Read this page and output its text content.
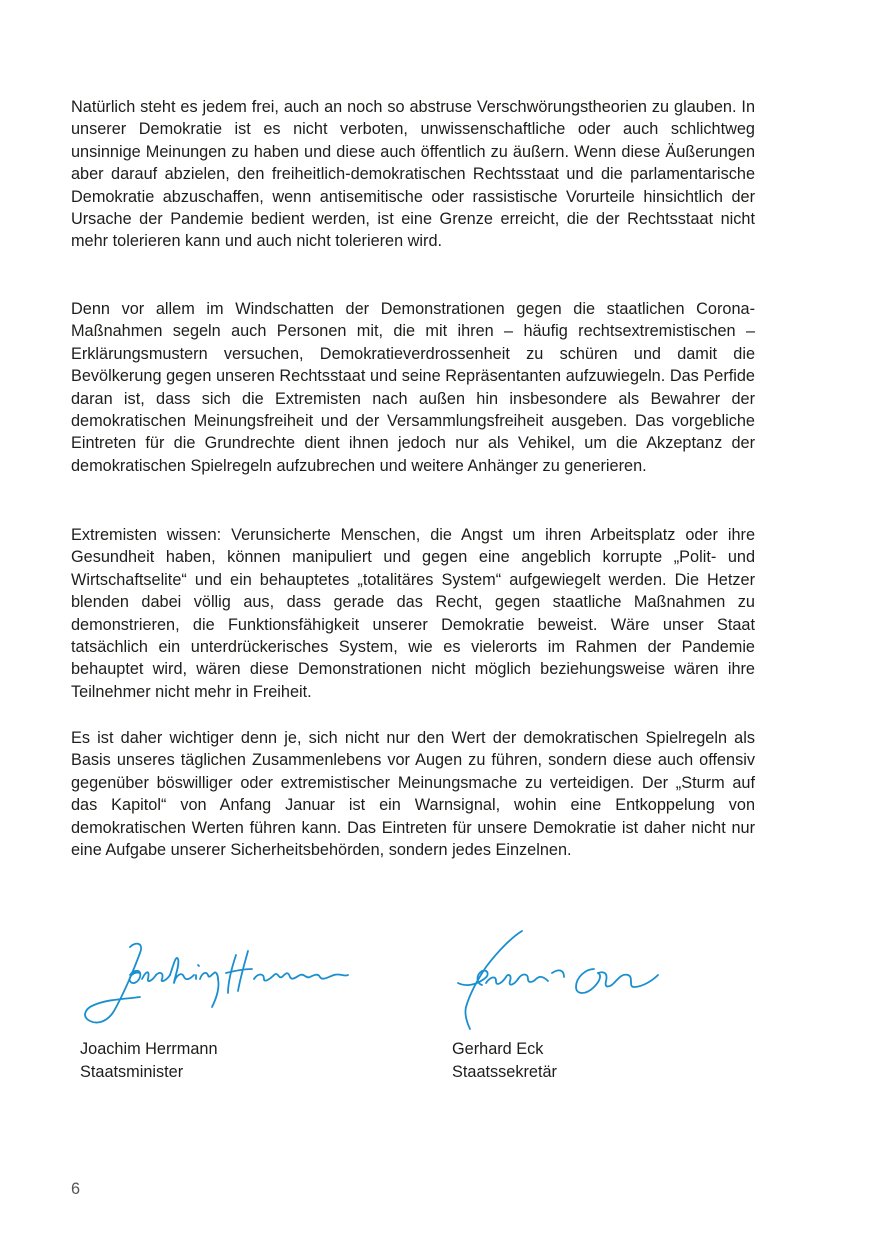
Natürlich steht es jedem frei, auch an noch so abstruse Verschwörungstheorien zu glauben. In unserer Demokratie ist es nicht verboten, unwissenschaftliche oder auch schlichtweg unsinnige Meinungen zu haben und diese auch öffentlich zu äußern. Wenn diese Äußerungen aber darauf abzielen, den freiheitlich-demokratischen Rechtsstaat und die parlamentarische Demokratie abzuschaffen, wenn antisemitische oder rassistische Vorurteile hinsichtlich der Ursache der Pandemie bedient werden, ist eine Grenze erreicht, die der Rechtsstaat nicht mehr tolerieren kann und auch nicht tolerieren wird.

Denn vor allem im Windschatten der Demonstrationen gegen die staatlichen Corona-Maßnahmen segeln auch Personen mit, die mit ihren – häufig rechtsextremistischen – Erklärungsmustern versuchen, Demokratieverdrossenheit zu schüren und damit die Bevölkerung gegen unseren Rechtsstaat und seine Repräsentanten aufzuwiegeln. Das Perfide daran ist, dass sich die Extremisten nach außen hin insbesondere als Bewahrer der demokratischen Meinungsfreiheit und der Versammlungsfreiheit ausgeben. Das vorgebliche Eintreten für die Grundrechte dient ihnen jedoch nur als Vehikel, um die Akzeptanz der demokratischen Spielregeln aufzubrechen und weitere Anhänger zu generieren.

Extremisten wissen: Verunsicherte Menschen, die Angst um ihren Arbeitsplatz oder ihre Gesundheit haben, können manipuliert und gegen eine angeblich korrupte „Polit- und Wirtschaftselite“ und ein behauptetes „totalitäres System“ aufgewiegelt werden. Die Hetzer blenden dabei völlig aus, dass gerade das Recht, gegen staatliche Maßnahmen zu demonstrieren, die Funktionsfähigkeit unserer Demokratie beweist. Wäre unser Staat tatsächlich ein unterdrückerisches System, wie es vielerorts im Rahmen der Pandemie behauptet wird, wären diese Demonstrationen nicht möglich beziehungsweise wären ihre Teilnehmer nicht mehr in Freiheit.

Es ist daher wichtiger denn je, sich nicht nur den Wert der demokratischen Spielregeln als Basis unseres täglichen Zusammenlebens vor Augen zu führen, sondern diese auch offensiv gegenüber böswilliger oder extremistischer Meinungsmache zu verteidigen. Der „Sturm auf das Kapitol“ von Anfang Januar ist ein Warnsignal, wohin eine Entkoppelung von demokratischen Werten führen kann. Das Eintreten für unsere Demokratie ist daher nicht nur eine Aufgabe unserer Sicherheitsbehörden, sondern jedes Einzelnen.

Joachim Herrmann
Staatsminister
Gerhard Eck
Staatssekretär
6
